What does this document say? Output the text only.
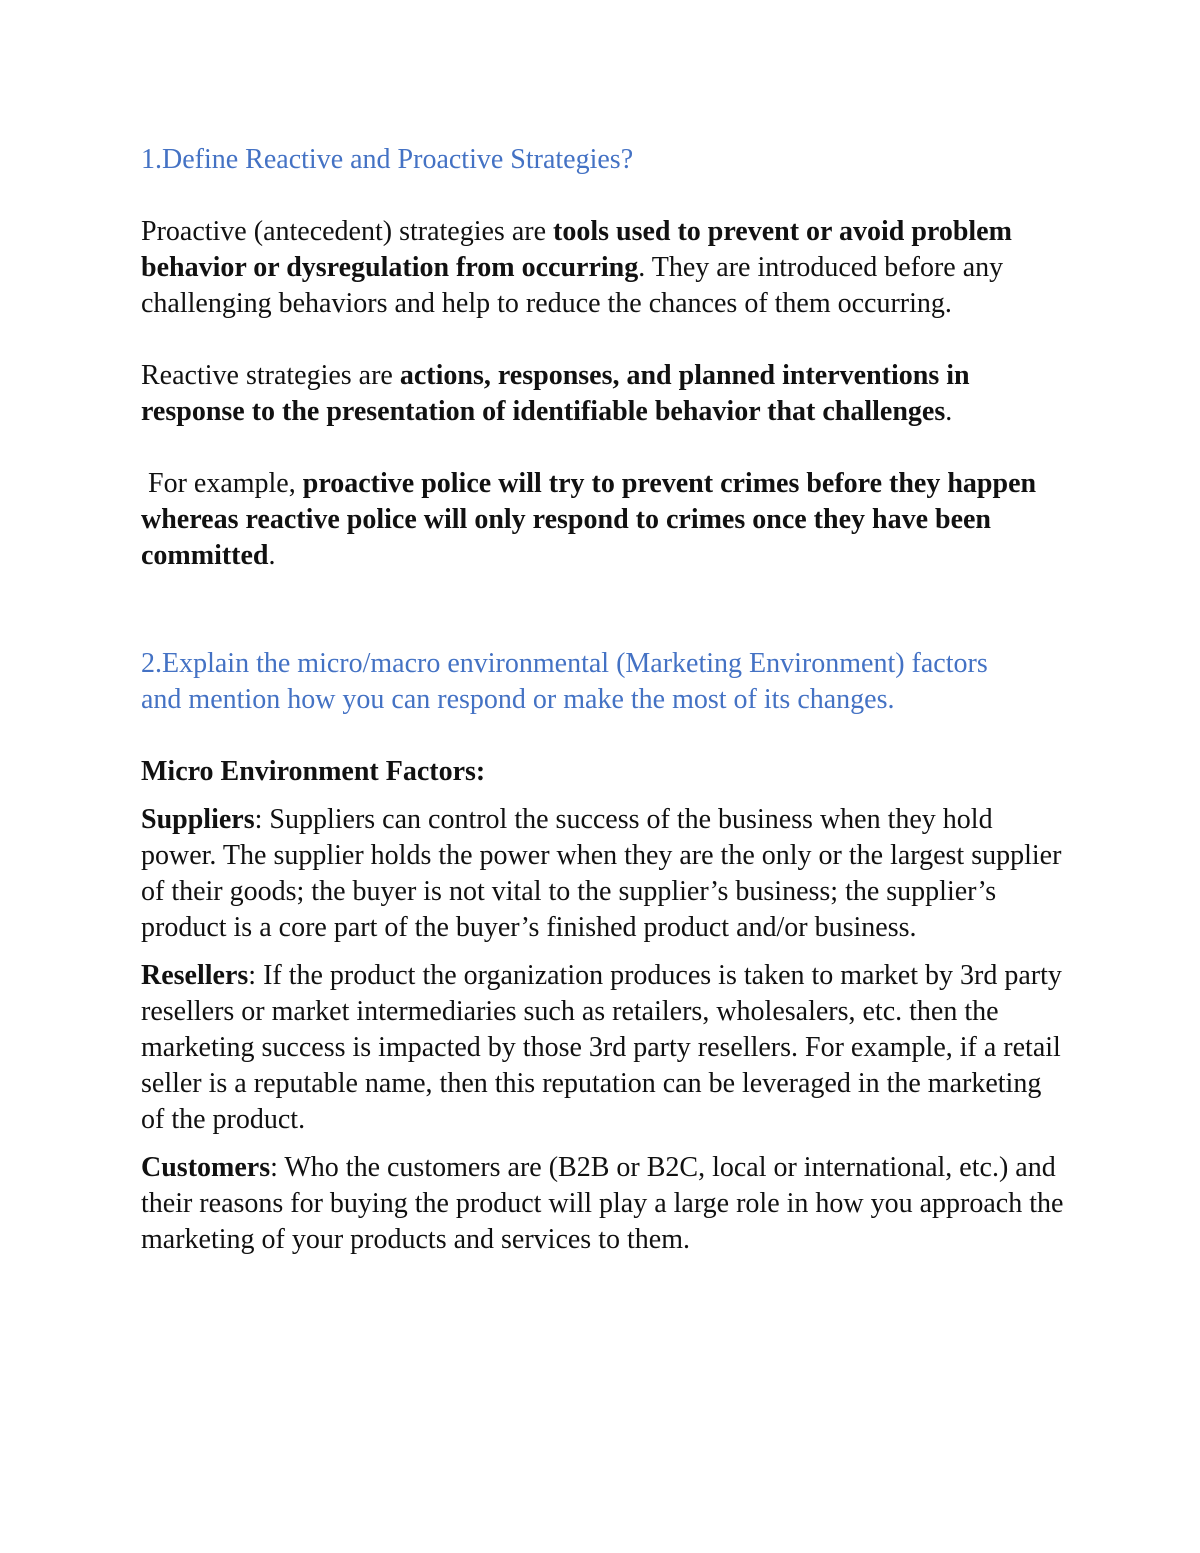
1.Define Reactive and Proactive Strategies?

Proactive (antecedent) strategies are tools used to prevent or avoid problem behavior or dysregulation from occurring. They are introduced before any challenging behaviors and help to reduce the chances of them occurring.

Reactive strategies are actions, responses, and planned interventions in response to the presentation of identifiable behavior that challenges.

For example, proactive police will try to prevent crimes before they happen whereas reactive police will only respond to crimes once they have been committed.

2.Explain the micro/macro environmental (Marketing Environment) factors

and mention how you can respond or make the most of its changes.

Micro Environment Factors:

Suppliers: Suppliers can control the success of the business when they hold power. The supplier holds the power when they are the only or the largest supplier of their goods; the buyer is not vital to the supplier’s business; the supplier’s product is a core part of the buyer’s finished product and/or business.

Resellers: If the product the organization produces is taken to market by 3rd party resellers or market intermediaries such as retailers, wholesalers, etc. then the marketing success is impacted by those 3rd party resellers. For example, if a retail seller is a reputable name, then this reputation can be leveraged in the marketing of the product.

Customers: Who the customers are (B2B or B2C, local or international, etc.) and their reasons for buying the product will play a large role in how you approach the marketing of your products and services to them.
